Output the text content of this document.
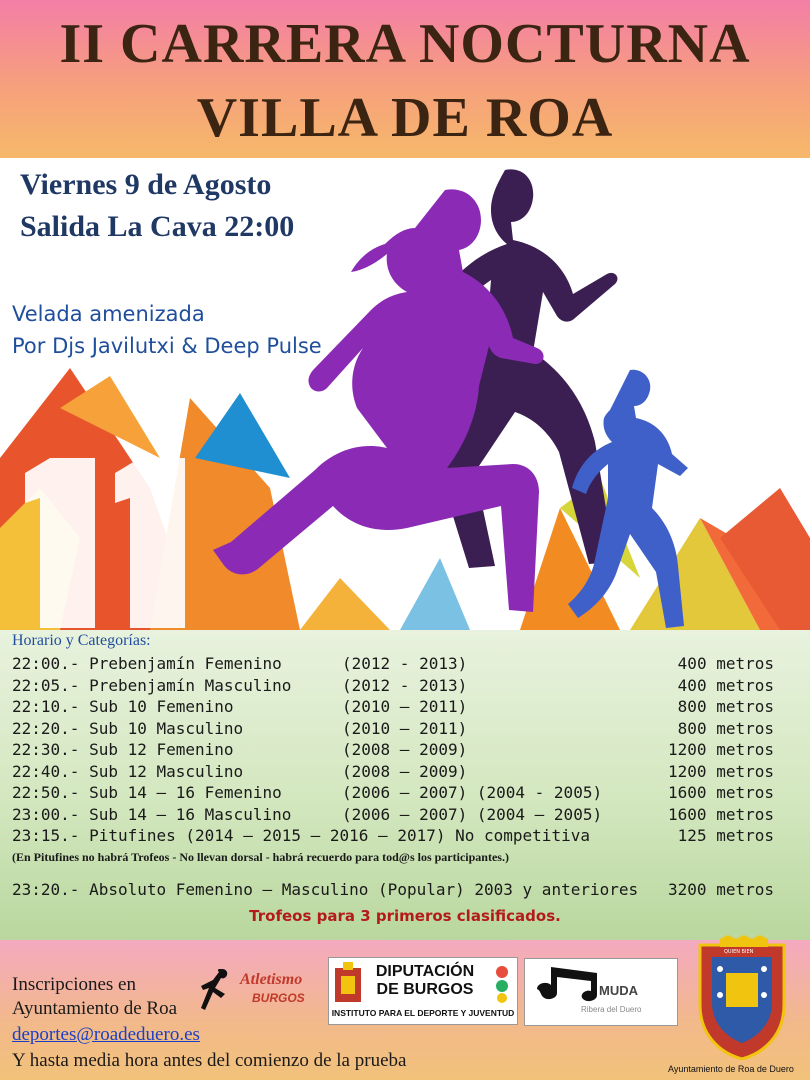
II CARRERA NOCTURNA
VILLA DE ROA
Viernes 9 de Agosto
Salida La Cava 22:00
Velada amenizada
Por Djs Javilutxi & Deep Pulse
Horario y Categorías:
22:00.- Prebenjamín Femenino	(2012 - 2013)	400 metros
22:05.- Prebenjamín Masculino	(2012 - 2013)	400 metros
22:10.- Sub 10 Femenino	(2010 – 2011)	800 metros
22:20.- Sub 10 Masculino	(2010 – 2011)	800 metros
22:30.- Sub 12 Femenino	(2008 – 2009)	1200 metros
22:40.- Sub 12 Masculino	(2008 – 2009)	1200 metros
22:50.- Sub 14 – 16 Femenino	(2006 – 2007) (2004 - 2005)	1600 metros
23:00.- Sub 14 – 16 Masculino	(2006 – 2007) (2004 – 2005)	1600 metros
23:15.- Pitufines (2014 – 2015 – 2016 – 2017) No competitiva	125 metros
(En Pitufines no habrá Trofeos - No llevan dorsal - habrá recuerdo para tod@s los participantes.)
23:20.- Absoluto Femenino – Masculino (Popular) 2003 y anteriores 3200 metros
Trofeos para 3 primeros clasificados.
Inscripciones en
Ayuntamiento de Roa
deportes@roadeduero.es
Y hasta media hora antes del comienzo de la prueba
Atletismo
BURGOS
DIPUTACIÓN
DE BURGOS
INSTITUTO PARA EL DEPORTE Y JUVENTUD
MUDA
Ribera del Duero
QUIEN BIEN
Ayuntamiento de Roa de Duero
